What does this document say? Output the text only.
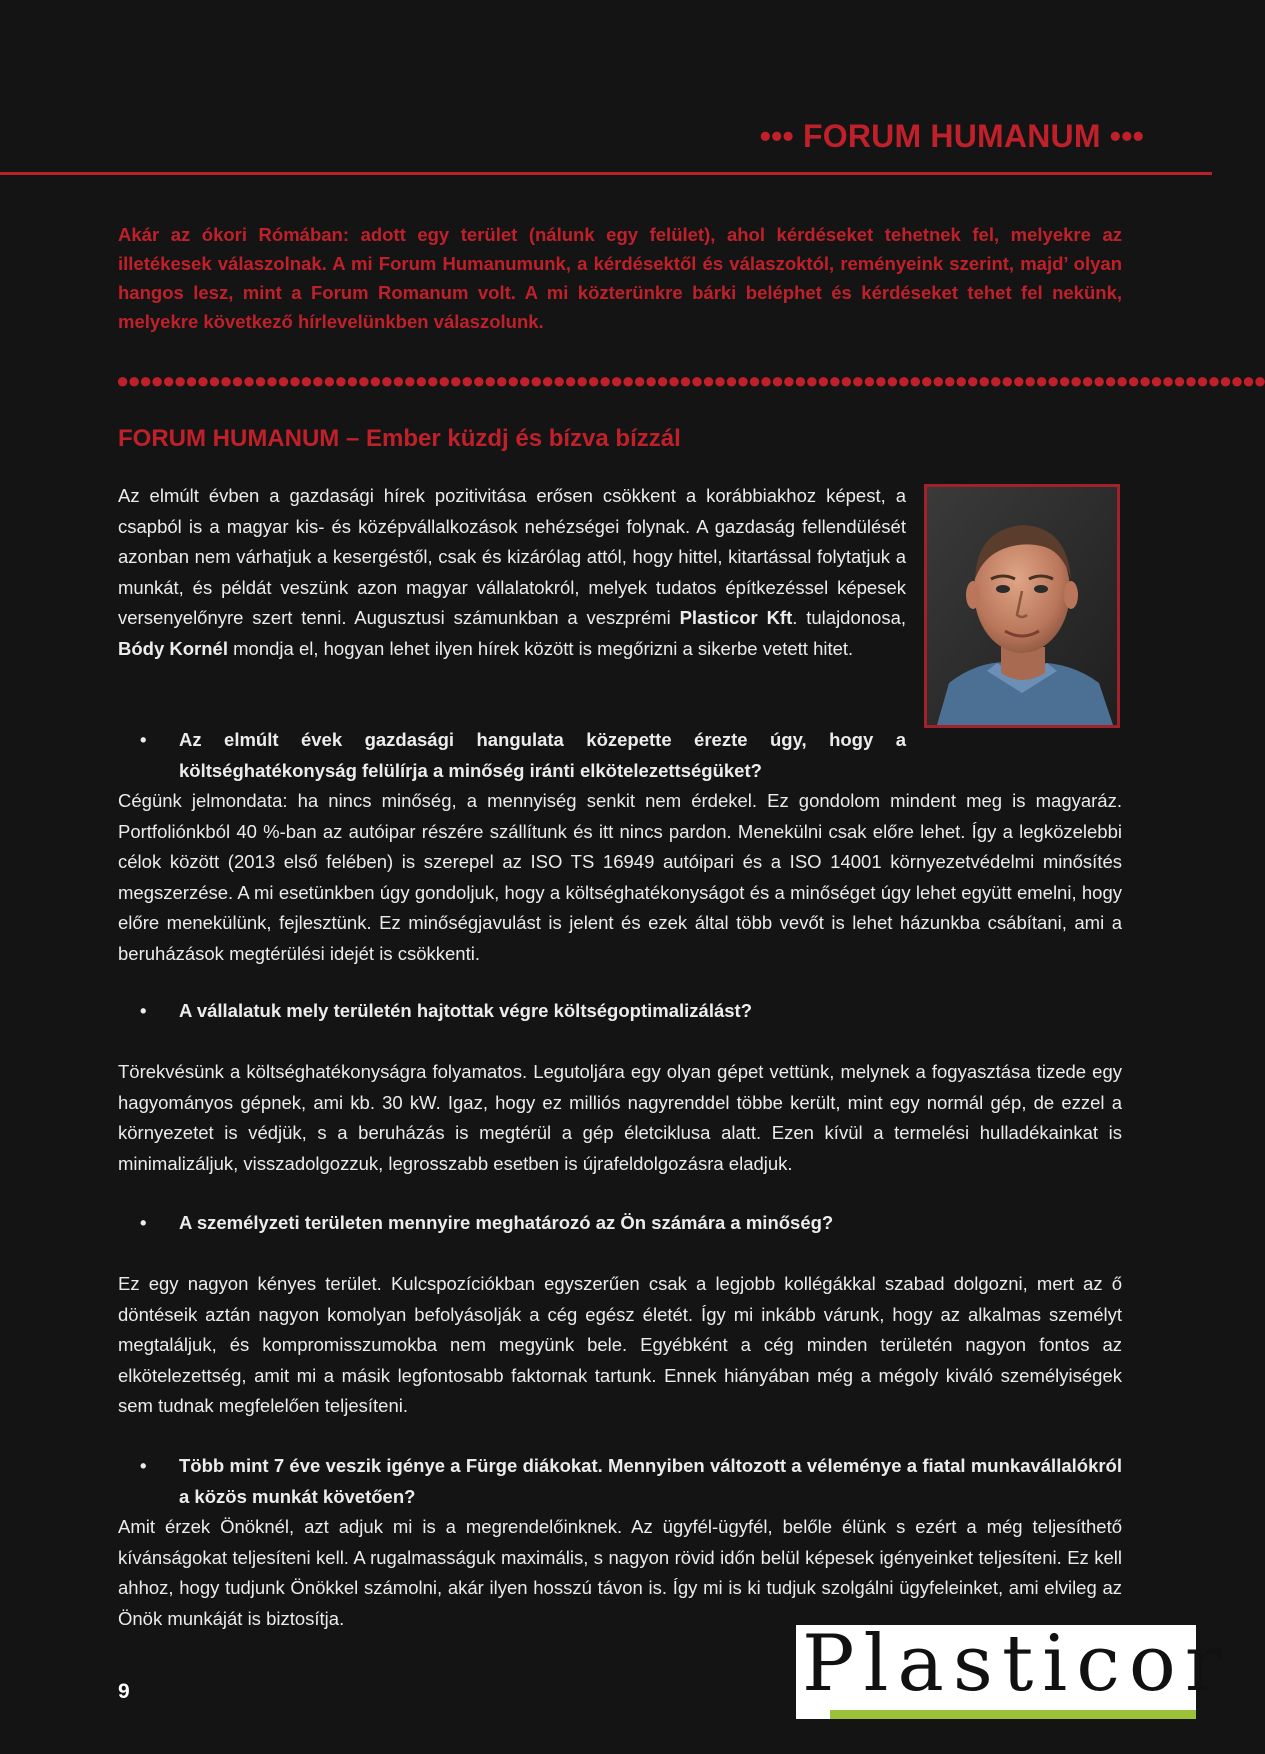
••• FORUM HUMANUM •••

Akár az ókori Rómában: adott egy terület (nálunk egy felület), ahol kérdéseket tehetnek fel, melyekre az illetékesek válaszolnak. A mi Forum Humanumunk, a kérdésektől és válaszoktól, reményeink szerint, majd’ olyan hangos lesz, mint a Forum Romanum volt. A mi közterünkre bárki beléphet és kérdéseket tehet fel nekünk, melyekre következő hírlevelünkben válaszolunk.

●●●●●●●●●●●●●●●●●●●●●●●●●●●●●●●●●●●●●●●●●●●●●●●●●●●●●●●●●●●●●●●●●●●●●●●●●●●●●●●●●●●●●●●●●●●●●●●●●●●●
FORUM HUMANUM – Ember küzdj és bízva bízzál

Az elmúlt évben a gazdasági hírek pozitivitása erősen csökkent a korábbiakhoz képest, a csapból is a magyar kis- és középvállalkozások nehézségei folynak. A gazdaság fellendülését azonban nem várhatjuk a kesergéstől, csak és kizárólag attól, hogy hittel, kitartással folytatjuk a munkát, és példát veszünk azon magyar vállalatokról, melyek tudatos építkezéssel képesek versenyelőnyre szert tenni. Augusztusi számunkban a veszprémi Plasticor Kft. tulajdonosa, Bódy Kornél mondja el, hogyan lehet ilyen hírek között is megőrizni a sikerbe vetett hitet.

• Az elmúlt évek gazdasági hangulata közepette érezte úgy, hogy a költséghatékonyság felülírja a minőség iránti elkötelezettségüket?

Cégünk jelmondata: ha nincs minőség, a mennyiség senkit nem érdekel. Ez gondolom mindent meg is magyaráz. Portfoliónkból 40 %-ban az autóipar részére szállítunk és itt nincs pardon. Menekülni csak előre lehet. Így a legközelebbi célok között (2013 első felében) is szerepel az ISO TS 16949 autóipari és a ISO 14001 környezetvédelmi minősítés megszerzése. A mi esetünkben úgy gondoljuk, hogy a költséghatékonyságot és a minőséget úgy lehet együtt emelni, hogy előre menekülünk, fejlesztünk. Ez minőségjavulást is jelent és ezek által több vevőt is lehet házunkba csábítani, ami a beruházások megtérülési idejét is csökkenti.

• A vállalatuk mely területén hajtottak végre költségoptimalizálást?

Törekvésünk a költséghatékonyságra folyamatos. Legutoljára egy olyan gépet vettünk, melynek a fogyasztása tizede egy hagyományos gépnek, ami kb. 30 kW. Igaz, hogy ez milliós nagyrenddel többe került, mint egy normál gép, de ezzel a környezetet is védjük, s a beruházás is megtérül a gép életciklusa alatt. Ezen kívül a termelési hulladékainkat is minimalizáljuk, visszadolgozzuk, legrosszabb esetben is újrafeldolgozásra eladjuk.

• A személyzeti területen mennyire meghatározó az Ön számára a minőség?

Ez egy nagyon kényes terület. Kulcspozíciókban egyszerűen csak a legjobb kollégákkal szabad dolgozni, mert az ő döntéseik aztán nagyon komolyan befolyásolják a cég egész életét. Így mi inkább várunk, hogy az alkalmas személyt megtaláljuk, és kompromisszumokba nem megyünk bele. Egyébként a cég minden területén nagyon fontos az elkötelezettség, amit mi a másik legfontosabb faktornak tartunk. Ennek hiányában még a mégoly kiváló személyiségek sem tudnak megfelelően teljesíteni.

• Több mint 7 éve veszik igénye a Fürge diákokat. Mennyiben változott a véleménye a fiatal munkavállalókról a közös munkát követően?

Amit érzek Önöknél, azt adjuk mi is a megrendelőinknek. Az ügyfél-ügyfél, belőle élünk s ezért a még teljesíthető kívánságokat teljesíteni kell. A rugalmasságuk maximális, s nagyon rövid időn belül képesek igényeinket teljesíteni. Ez kell ahhoz, hogy tudjunk Önökkel számolni, akár ilyen hosszú távon is. Így mi is ki tudjuk szolgálni ügyfeleinket, ami elvileg az Önök munkáját is biztosítja.

9	Plasticor
